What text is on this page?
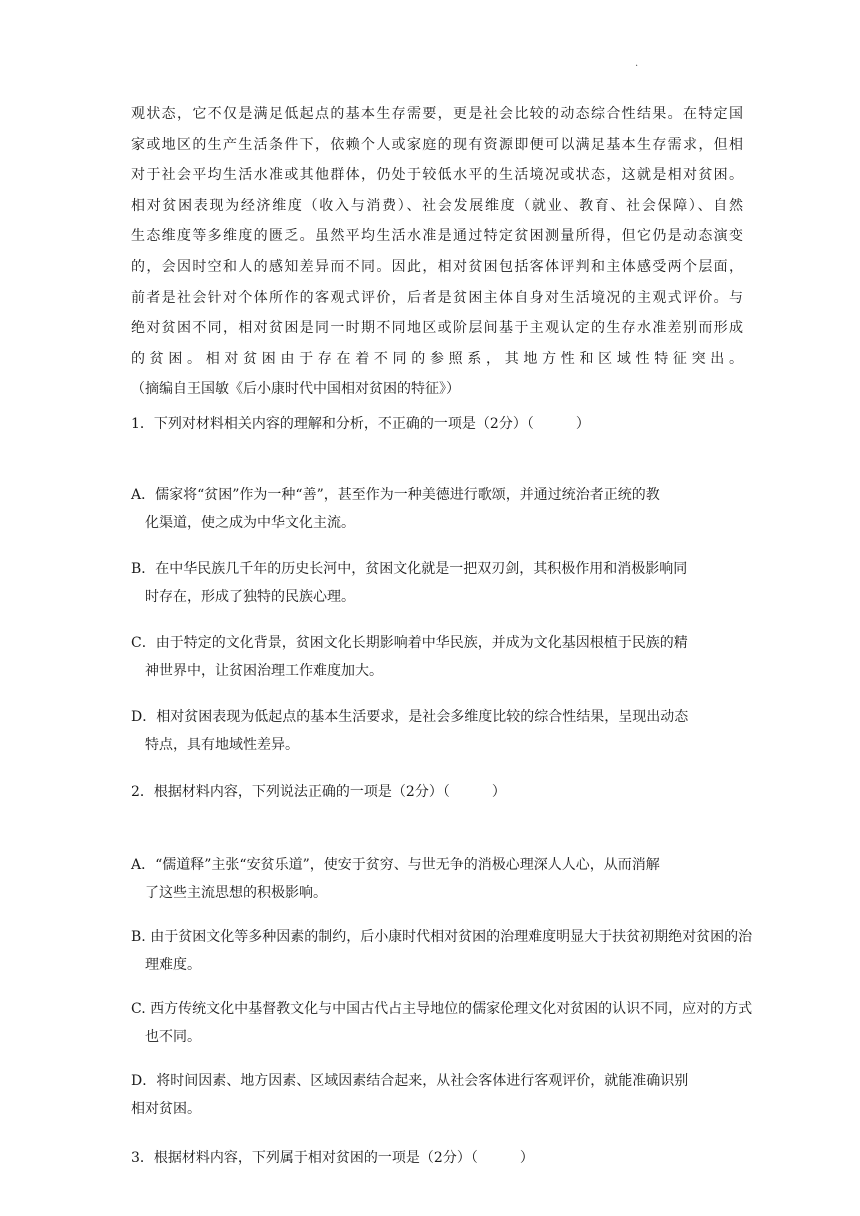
.
观状态，它不仅是满足低起点的基本生存需要，更是社会比较的动态综合性结果。在特定国
家或地区的生产生活条件下，依赖个人或家庭的现有资源即便可以满足基本生存需求，但相
对于社会平均生活水准或其他群体，仍处于较低水平的生活境况或状态，这就是相对贫困。
相对贫困表现为经济维度（收入与消费）、社会发展维度（就业、教育、社会保障）、自然
生态维度等多维度的匮乏。虽然平均生活水准是通过特定贫困测量所得，但它仍是动态演变
的，会因时空和人的感知差异而不同。因此，相对贫困包括客体评判和主体感受两个层面，
前者是社会针对个体所作的客观式评价，后者是贫困主体自身对生活境况的主观式评价。与
绝对贫困不同，相对贫困是同一时期不同地区或阶层间基于主观认定的生存水准差别而形成
的贫困。相对贫困由于存在着不同的参照系，其地方性和区域性特征突出。
（摘编自王国敏《后小康时代中国相对贫困的特征》）
1．下列对材料相关内容的理解和分析，不正确的一项是（2分）（　　　）
A．儒家将“贫困”作为一种“善”，甚至作为一种美德进行歌颂，并通过统治者正统的教
化渠道，使之成为中华文化主流。
B．在中华民族几千年的历史长河中，贫困文化就是一把双刃剑，其积极作用和消极影响同
时存在，形成了独特的民族心理。
C．由于特定的文化背景，贫困文化长期影响着中华民族，并成为文化基因根植于民族的精
神世界中，让贫困治理工作难度加大。
D．相对贫困表现为低起点的基本生活要求，是社会多维度比较的综合性结果，呈现出动态
特点，具有地域性差异。
2．根据材料内容，下列说法正确的一项是（2分）（　　　）
A．“儒道释”主张“安贫乐道”，使安于贫穷、与世无争的消极心理深人人心，从而消解
了这些主流思想的积极影响。
B. 由于贫困文化等多种因素的制约，后小康时代相对贫困的治理难度明显大于扶贫初期绝对贫困的治
理难度。
C. 西方传统文化中基督教文化与中国古代占主导地位的儒家伦理文化对贫困的认识不同，应对的方式
也不同。
D．将时间因素、地方因素、区域因素结合起来，从社会客体进行客观评价，就能准确识别
相对贫困。
3．根据材料内容，下列属于相对贫困的一项是（2分）（　　　）
